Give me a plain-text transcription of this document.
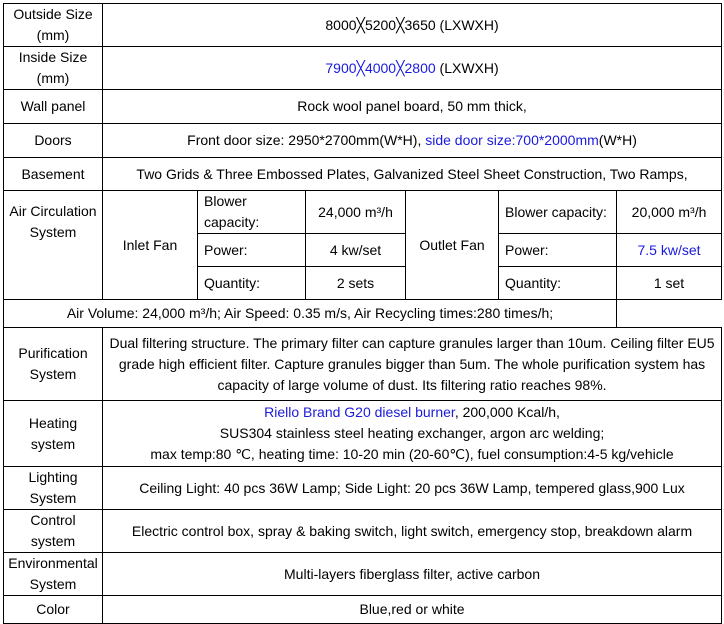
Outside Size (mm)	8000╳5200╳3650 (LXWXH)					
Inside Size (mm)	7900╳4000╳2800 (LXWXH)					
Wall panel	Rock wool panel board, 50 mm thick,					
Doors	Front door size: 2950*2700mm(W*H), side door size:700*2000mm(W*H)					
Basement	Two Grids & Three Embossed Plates, Galvanized Steel Sheet Construction, Two Ramps,					
Air Circulation System	Inlet Fan	Blower capacity:	24,000 m³/h	Outlet Fan	Blower capacity:	20,000 m³/h
		Power:	4 kw/set		Power:	7.5 kw/set
		Quantity:	2 sets		Quantity:	1 set
Air Volume: 24,000 m³/h; Air Speed: 0.35 m/s, Air Recycling times:280 times/h;						
Purification System	Dual filtering structure. The primary filter can capture granules larger than 10um. Ceiling filter EU5 grade high efficient filter. Capture granules bigger than 5um. The whole purification system has capacity of large volume of dust. Its filtering ratio reaches 98%.					
Heating system	Riello Brand G20 diesel burner, 200,000 Kcal/h,
SUS304 stainless steel heating exchanger, argon arc welding;
max temp:80 ℃, heating time: 10-20 min (20-60℃), fuel consumption:4-5 kg/vehicle					

Lighting System	Ceiling Light: 40 pcs 36W Lamp; Side Light: 20 pcs 36W Lamp, tempered glass,900 Lux					
Control system	Electric control box, spray & baking switch, light switch, emergency stop, breakdown alarm					
Environmental System	Multi-layers fiberglass filter, active carbon					
Color	Blue,red or white					
